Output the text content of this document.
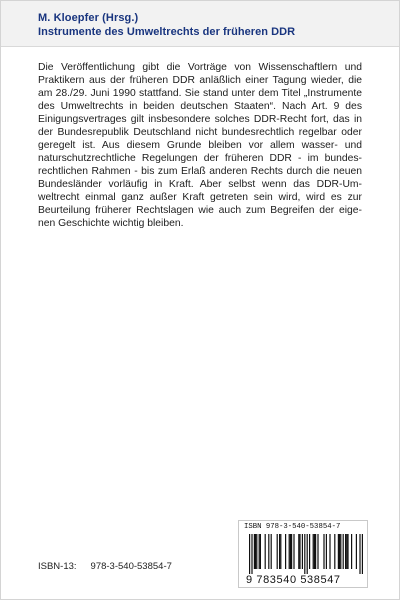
M. Kloepfer (Hrsg.)
Instrumente des Umweltrechts der früheren DDR
Die Veröffentlichung gibt die Vorträge von Wissenschaftlern und
Praktikern aus der früheren DDR anläßlich einer Tagung wieder, die
am 28./29. Juni 1990 stattfand. Sie stand unter dem Titel „Instrumente
des Umweltrechts in beiden deutschen Staaten“. Nach Art. 9 des
Einigungsvertrages gilt insbesondere solches DDR-Recht fort, das in
der Bundesrepublik Deutschland nicht bundesrechtlich regelbar oder
geregelt ist. Aus diesem Grunde bleiben vor allem wasser- und
naturschutzrechtliche Regelungen der früheren DDR - im bundes-
rechtlichen Rahmen - bis zum Erlaß anderen Rechts durch die neuen
Bundesländer vorläufig in Kraft. Aber selbst wenn das DDR-Um-
weltrecht einmal ganz außer Kraft getreten sein wird, wird es zur
Beurteilung früherer Rechtslagen wie auch zum Begreifen der eige-
nen Geschichte wichtig bleiben.
ISBN-13: 978-3-540-53854-7
ISBN 978-3-540-53854-7
9 783540 538547
